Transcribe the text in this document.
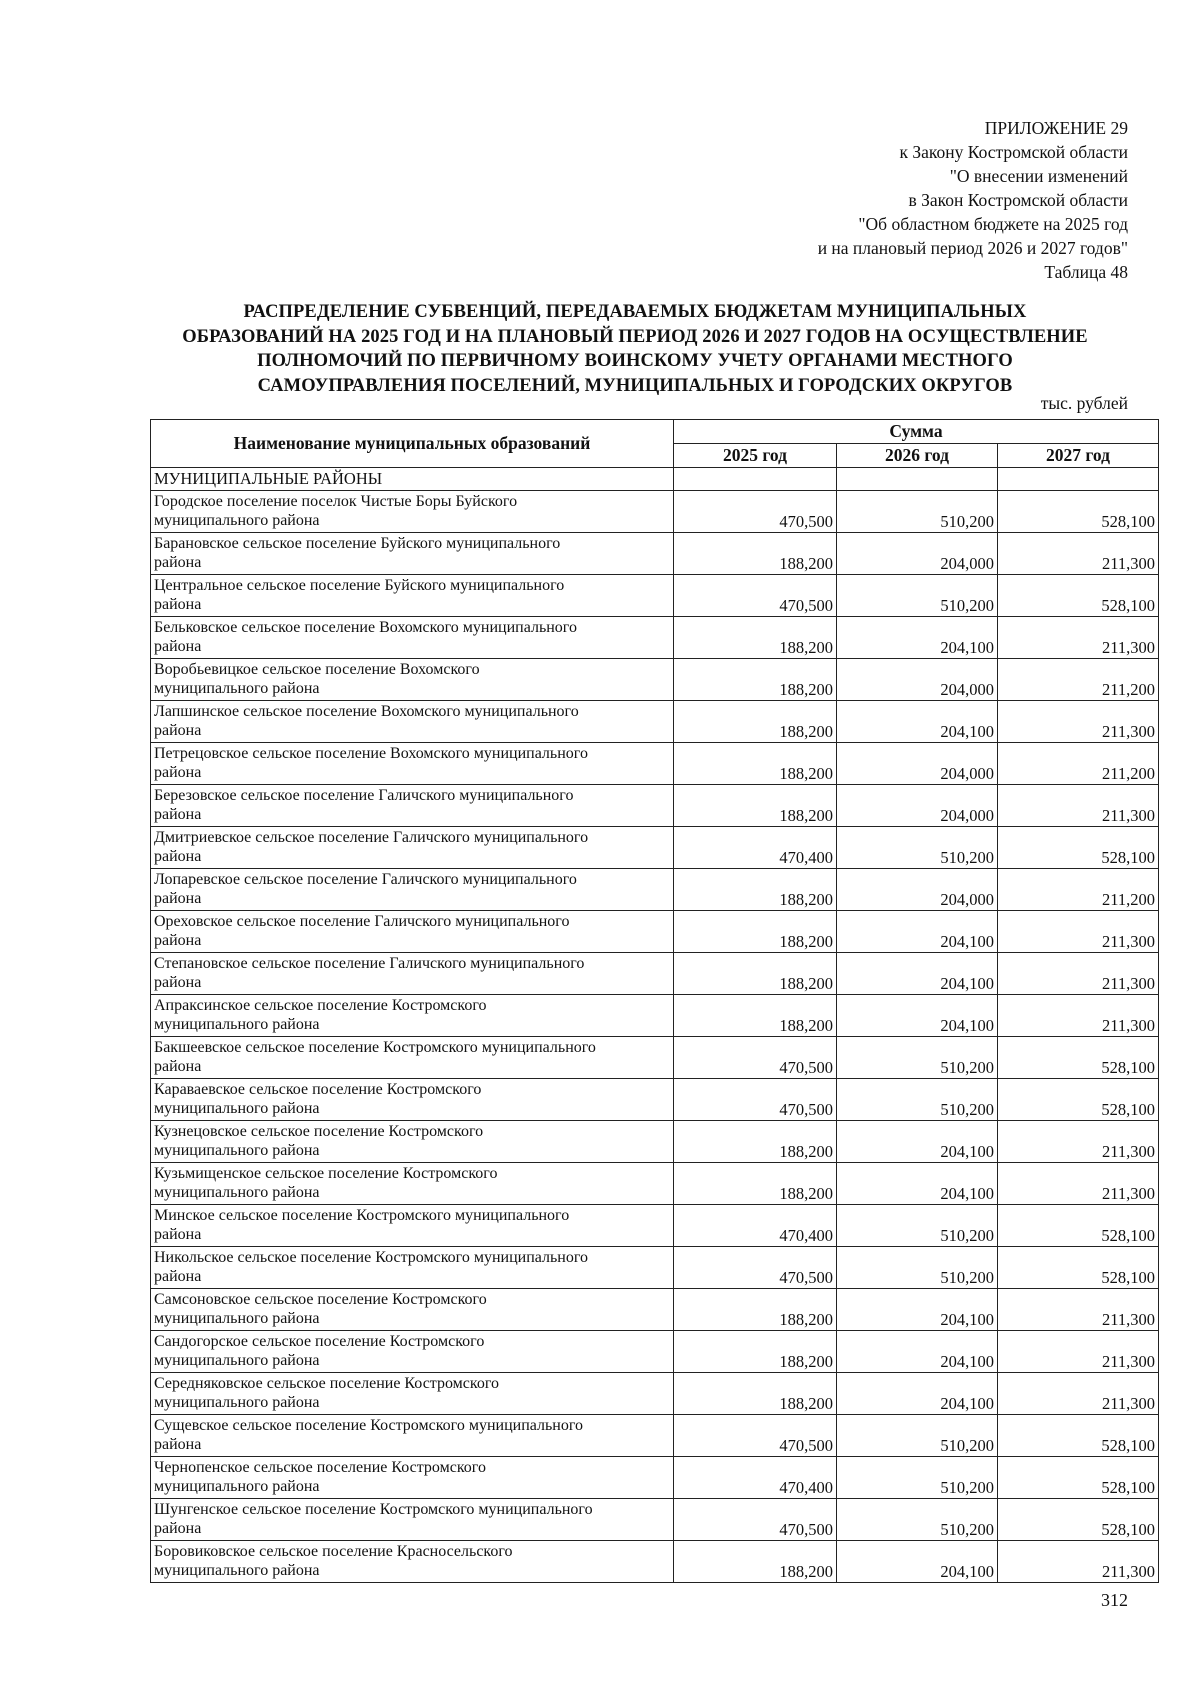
ПРИЛОЖЕНИЕ 29
к Закону Костромской области
"О внесении изменений
в Закон Костромской области
"Об областном бюджете на 2025 год
и на плановый период 2026 и 2027 годов"
Таблица 48
РАСПРЕДЕЛЕНИЕ СУБВЕНЦИЙ, ПЕРЕДАВАЕМЫХ БЮДЖЕТАМ МУНИЦИПАЛЬНЫХ
ОБРАЗОВАНИЙ НА 2025 ГОД И НА ПЛАНОВЫЙ ПЕРИОД 2026 И 2027 ГОДОВ НА ОСУЩЕСТВЛЕНИЕ
ПОЛНОМОЧИЙ ПО ПЕРВИЧНОМУ ВОИНСКОМУ УЧЕТУ ОРГАНАМИ МЕСТНОГО
САМОУПРАВЛЕНИЯ ПОСЕЛЕНИЙ, МУНИЦИПАЛЬНЫХ И ГОРОДСКИХ ОКРУГОВ
тыс. рублей
Наименование муниципальных образований	Сумма		
	2025 год	2026 год	2027 год
МУНИЦИПАЛЬНЫЕ РАЙОНЫ			

Городское поселение поселок Чистые Боры Буйского
муниципального района	470,500	510,200	528,100

Барановское сельское поселение Буйского муниципального
района	188,200	204,000	211,300

Центральное сельское поселение Буйского муниципального
района	470,500	510,200	528,100

Бельковское сельское поселение Вохомского муниципального
района	188,200	204,100	211,300

Воробьевицкое сельское поселение Вохомского
муниципального района	188,200	204,000	211,200

Лапшинское сельское поселение Вохомского муниципального
района	188,200	204,100	211,300

Петрецовское сельское поселение Вохомского муниципального
района	188,200	204,000	211,200

Березовское сельское поселение Галичского муниципального
района	188,200	204,000	211,300

Дмитриевское сельское поселение Галичского муниципального
района	470,400	510,200	528,100

Лопаревское сельское поселение Галичского муниципального
района	188,200	204,000	211,200

Ореховское сельское поселение Галичского муниципального
района	188,200	204,100	211,300

Степановское сельское поселение Галичского муниципального
района	188,200	204,100	211,300

Апраксинское сельское поселение Костромского
муниципального района	188,200	204,100	211,300

Бакшеевское сельское поселение Костромского муниципального
района	470,500	510,200	528,100

Караваевское сельское поселение Костромского
муниципального района	470,500	510,200	528,100

Кузнецовское сельское поселение Костромского
муниципального района	188,200	204,100	211,300

Кузьмищенское сельское поселение Костромского
муниципального района	188,200	204,100	211,300

Минское сельское поселение Костромского муниципального
района	470,400	510,200	528,100

Никольское сельское поселение Костромского муниципального
района	470,500	510,200	528,100

Самсоновское сельское поселение Костромского
муниципального района	188,200	204,100	211,300

Сандогорское сельское поселение Костромского
муниципального района	188,200	204,100	211,300

Середняковское сельское поселение Костромского
муниципального района	188,200	204,100	211,300

Сущевское сельское поселение Костромского муниципального
района	470,500	510,200	528,100

Чернопенское сельское поселение Костромского
муниципального района	470,400	510,200	528,100

Шунгенское сельское поселение Костромского муниципального
района	470,500	510,200	528,100

Боровиковское сельское поселение Красносельского
муниципального района	188,200	204,100	211,300
312
